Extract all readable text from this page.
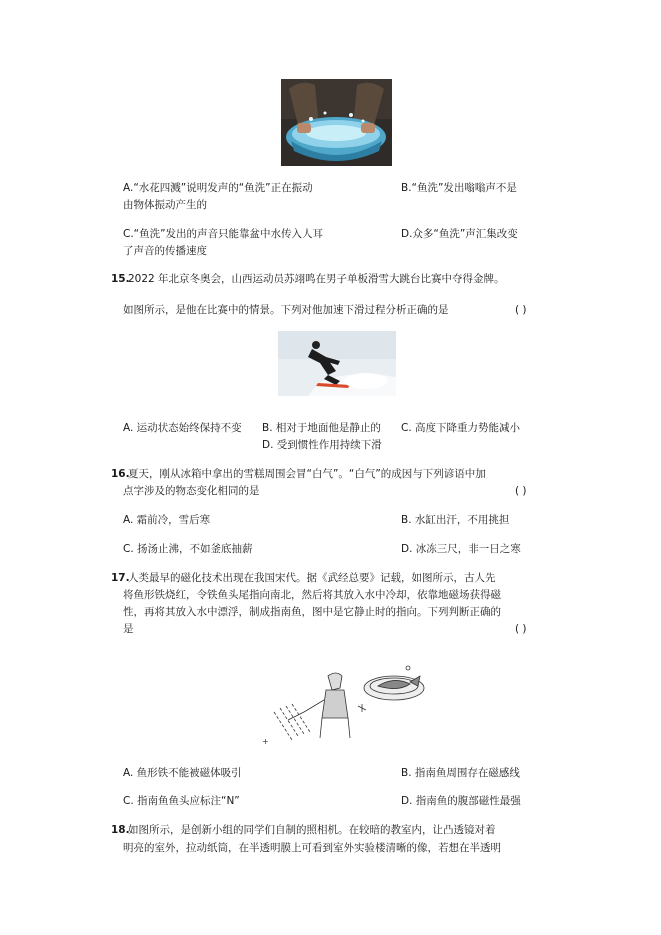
A.“水花四溅”说明发声的“鱼洗”正在振动	B.“鱼洗”发出嗡嗡声不是
由物体振动产生的
C.“鱼洗”发出的声音只能靠盆中水传入人耳	D.众多“鱼洗”声汇集改变
了声音的传播速度
15.
2022 年北京冬奥会，山西运动员苏翊鸣在男子单板滑雪大跳台比赛中夺得金牌。
如图所示，是他在比赛中的情景。下列对他加速下滑过程分析正确的是	( )
A. 运动状态始终保持不变 B. 相对于地面他是静止的 C. 高度下降重力势能减小
D. 受到惯性作用持续下滑
16.
夏天，刚从冰箱中拿出的雪糕周围会冒“白气”。“白气”的成因与下列谚语中加
点字涉及的物态变化相同的是	( )
A. 霜前冷，雪后寒	B. 水缸出汗，不用挑担
C. 扬汤止沸，不如釜底抽薪	D. 冰冻三尺，非一日之寒
17.
人类最早的磁化技术出现在我国宋代。据《武经总要》记载，如图所示，古人先
将鱼形铁烧红，令铁鱼头尾指向南北，然后将其放入水中冷却，依靠地磁场获得磁
性，再将其放入水中漂浮，制成指南鱼，图中是它静止时的指向。下列判断正确的
是	( )
+
A. 鱼形铁不能被磁体吸引	B. 指南鱼周围存在磁感线
C. 指南鱼鱼头应标注“N”	D. 指南鱼的腹部磁性最强
18.
如图所示，是创新小组的同学们自制的照相机。在较暗的教室内，让凸透镜对着
明亮的室外，拉动纸筒，在半透明膜上可看到室外实验楼清晰的像，若想在半透明
